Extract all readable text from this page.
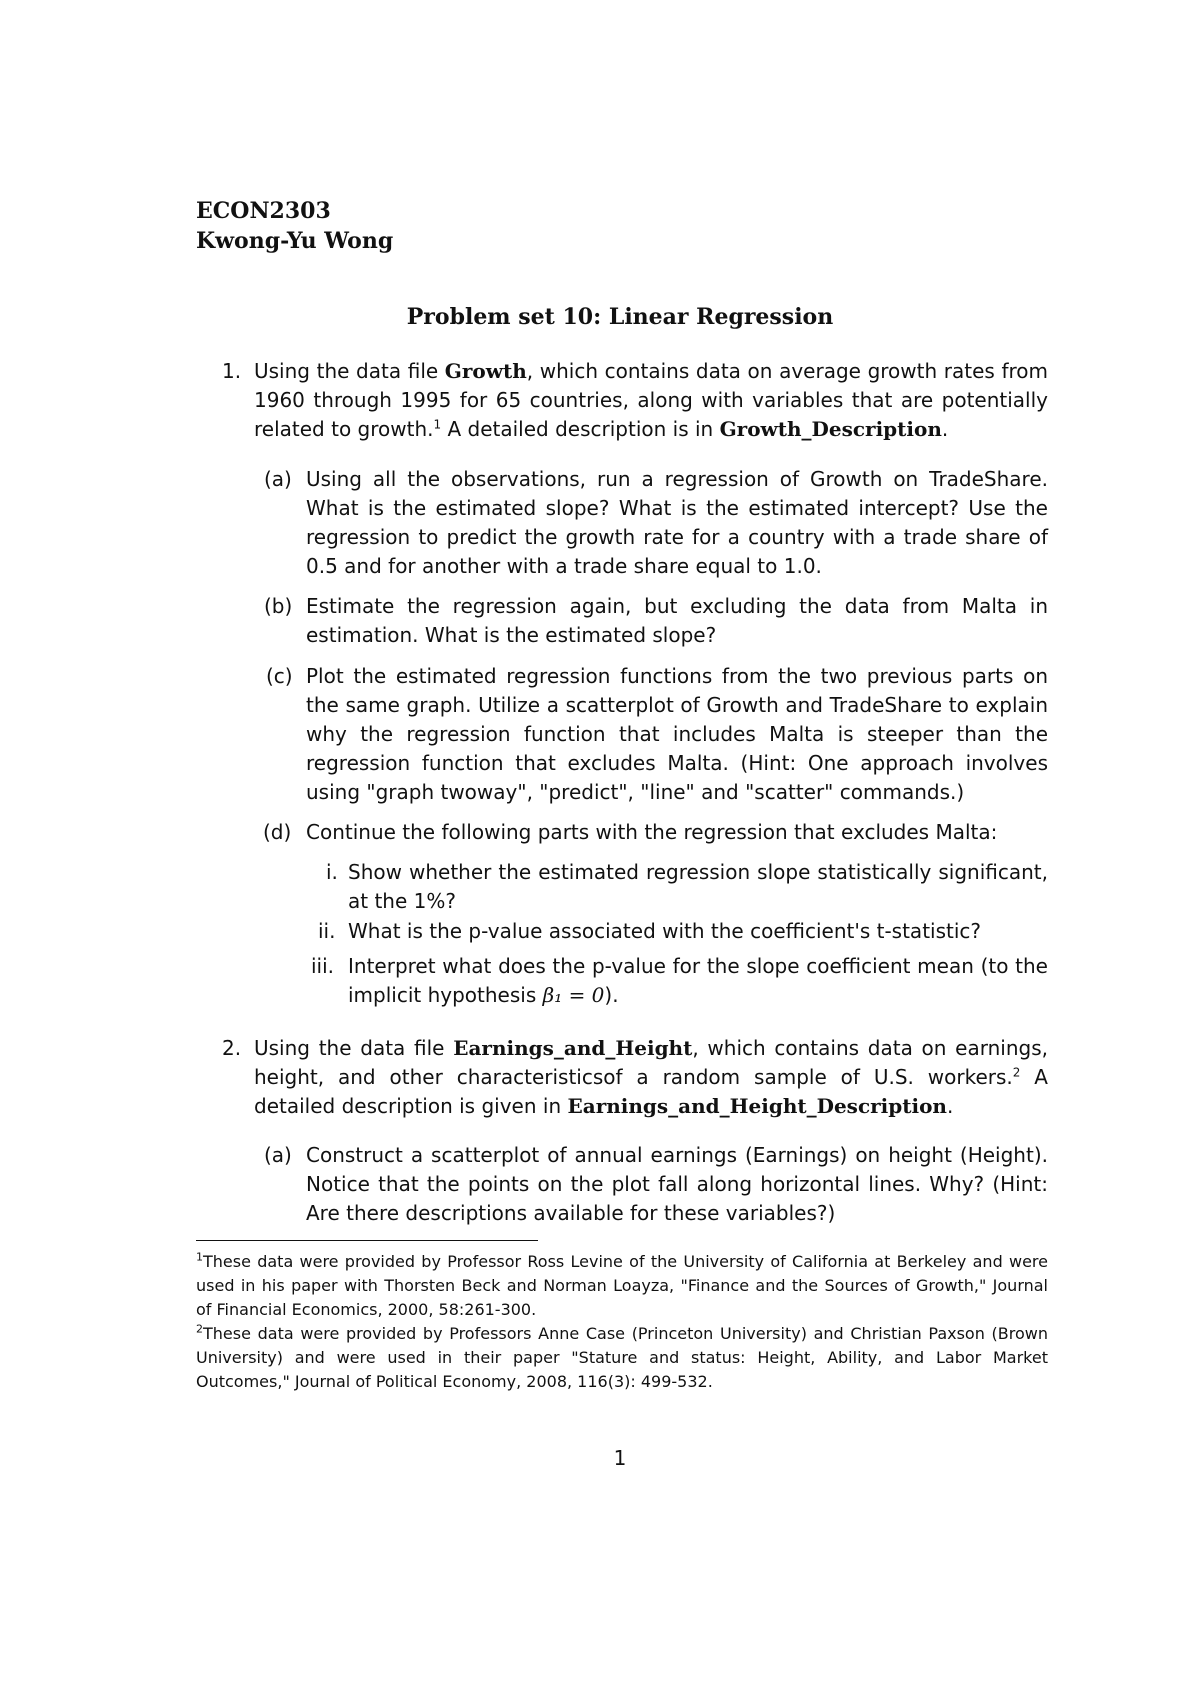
ECON2303
Kwong-Yu Wong
Problem set 10: Linear Regression
1. Using the data file Growth, which contains data on average growth rates from 1960 through 1995 for 65 countries, along with variables that are potentially related to growth.$^1$ A detailed description is in Growth_Description.
(a) Using all the observations, run a regression of Growth on TradeShare. What is the estimated slope? What is the estimated intercept? Use the regression to predict the growth rate for a country with a trade share of 0.5 and for another with a trade share equal to 1.0.
(b) Estimate the regression again, but excluding the data from Malta in estimation. What is the estimated slope?
(c) Plot the estimated regression functions from the two previous parts on the same graph. Utilize a scatterplot of Growth and TradeShare to explain why the regression function that includes Malta is steeper than the regression function that excludes Malta. (Hint: One approach involves using "graph twoway", "predict", "line" and "scatter" commands.)
(d) Continue the following parts with the regression that excludes Malta:
i. Show whether the estimated regression slope statistically significant, at the 1%?
ii. What is the p-value associated with the coefficient's t-statistic?
iii. Interpret what does the p-value for the slope coefficient mean (to the implicit hypothesis β₁ = 0).
2. Using the data file Earnings_and_Height, which contains data on earnings, height, and other characteristicsof a random sample of U.S. workers.$^2$ A detailed description is given in Earnings_and_Height_Description.
(a) Construct a scatterplot of annual earnings (Earnings) on height (Height). Notice that the points on the plot fall along horizontal lines. Why? (Hint: Are there descriptions available for these variables?)
$^1$These data were provided by Professor Ross Levine of the University of California at Berkeley and were used in his paper with Thorsten Beck and Norman Loayza, "Finance and the Sources of Growth," Journal of Financial Economics, 2000, 58:261-300.
$^2$These data were provided by Professors Anne Case (Princeton University) and Christian Paxson (Brown University) and were used in their paper "Stature and status: Height, Ability, and Labor Market Outcomes," Journal of Political Economy, 2008, 116(3): 499-532.
1
